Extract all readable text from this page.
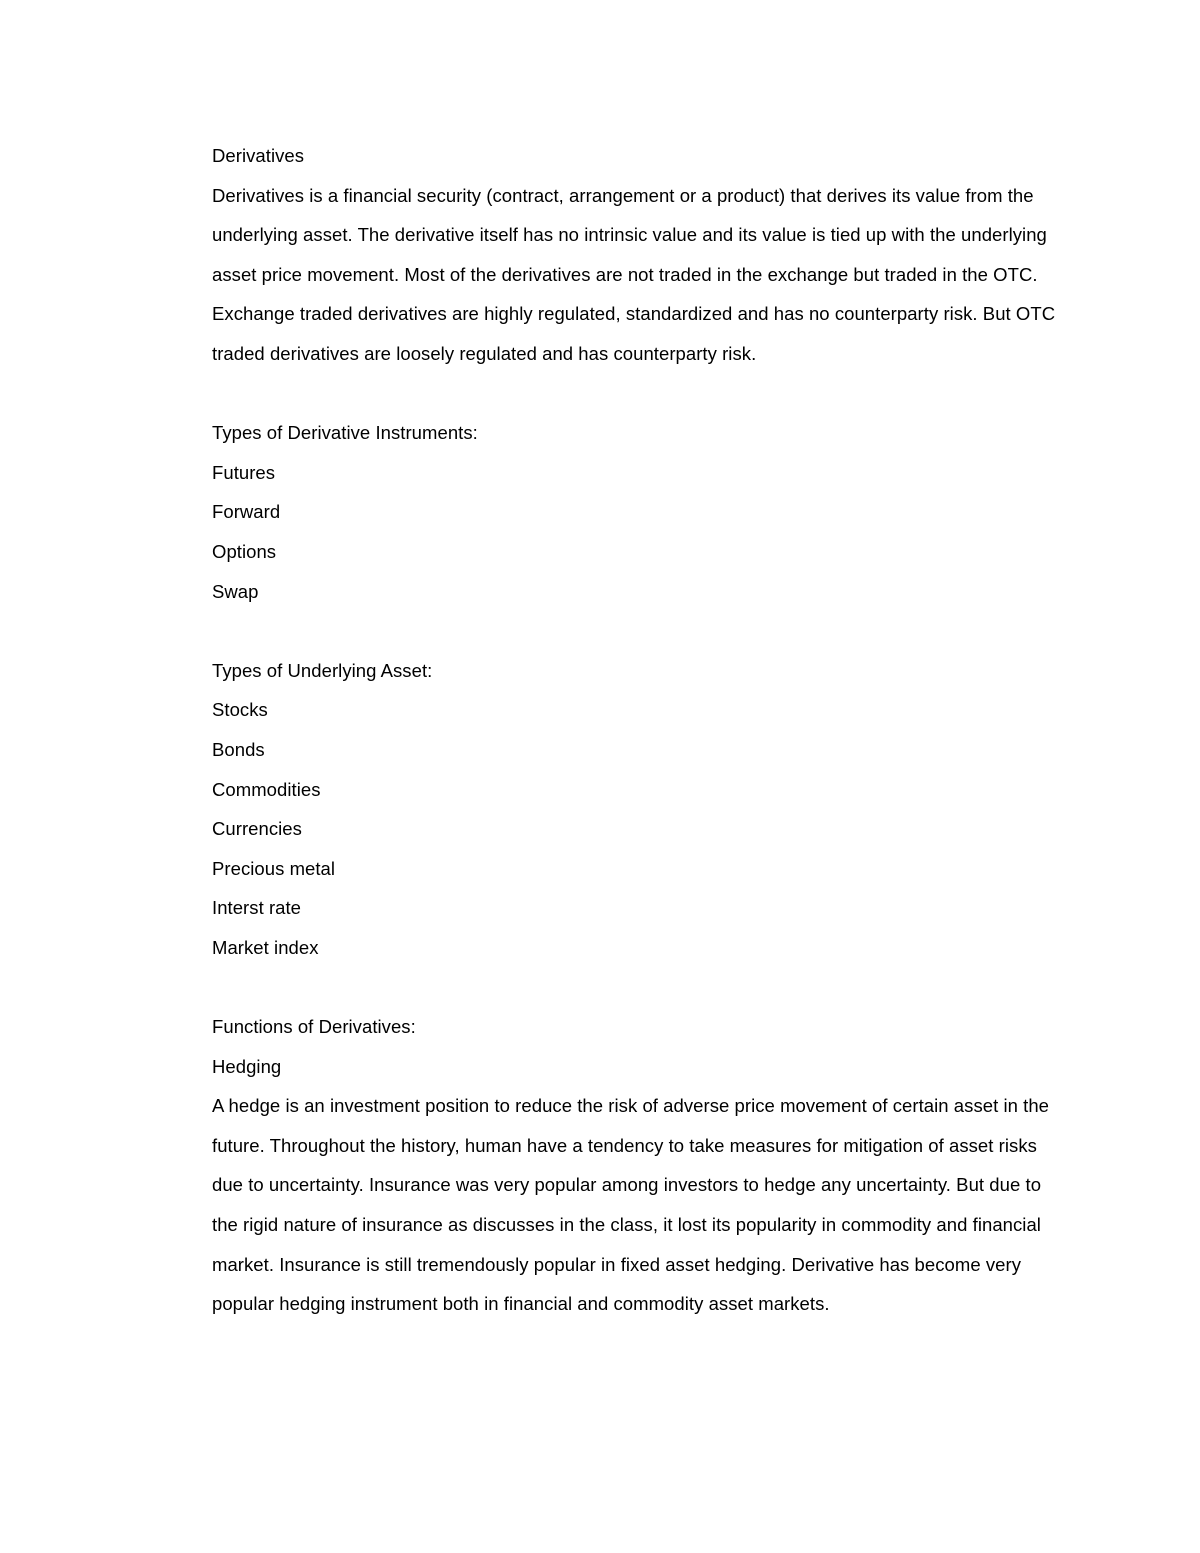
Derivatives

Derivatives is a financial security (contract, arrangement or a product) that derives its value from the underlying asset. The derivative itself has no intrinsic value and its value is tied up with the underlying asset price movement. Most of the derivatives are not traded in the exchange but traded in the OTC. Exchange traded derivatives are highly regulated, standardized and has no counterparty risk. But OTC traded derivatives are loosely regulated and has counterparty risk.

Types of Derivative Instruments:

Futures

Forward

Options

Swap

Types of Underlying Asset:

Stocks

Bonds

Commodities

Currencies

Precious metal

Interst rate

Market index

Functions of Derivatives:

Hedging

A hedge is an investment position to reduce the risk of adverse price movement of certain asset in the future. Throughout the history, human have a tendency to take measures for mitigation of asset risks due to uncertainty. Insurance was very popular among investors to hedge any uncertainty. But due to the rigid nature of insurance as discusses in the class, it lost its popularity in commodity and financial market. Insurance is still tremendously popular in fixed asset hedging. Derivative has become very popular hedging instrument both in financial and commodity asset markets.
